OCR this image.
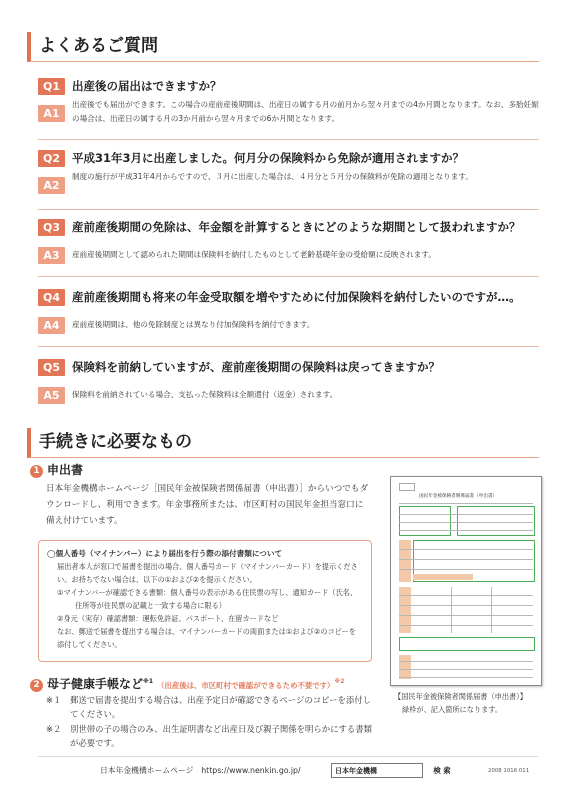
よくあるご質問
Q1	出産後の届出はできますか？
A1
出産後でも届出ができます。この場合の産前産後期間は、出産日の属する月の前月から翌々月までの4か月間となります。なお、多胎妊娠の場合は、出産日の属する月の3か月前から翌々月までの6か月間となります。
Q2	平成31年3月に出産しました。何月分の保険料から免除が適用されますか？
A2
制度の施行が平成31年4月からですので、３月に出産した場合は、４月分と５月分の保険料が免除の適用となります。
Q3	産前産後期間の免除は、年金額を計算するときにどのような期間として扱われますか？
A3	産前産後期間として認められた期間は保険料を納付したものとして老齢基礎年金の受給額に反映されます。
Q4	産前産後期間も将来の年金受取額を増やすために付加保険料を納付したいのですが…。
A4	産前産後期間は、他の免除制度とは異なり付加保険料を納付できます。
Q5	保険料を前納していますが、産前産後期間の保険料は戻ってきますか？
A5	保険料を前納されている場合、支払った保険料は全額還付（返金）されます。
手続きに必要なもの
1 申出書
日本年金機構ホームページ［国民年金被保険者関係届書（申出書）］からいつでもダウンロードし、利用できます。年金事務所または、市区町村の国民年金担当窓口に備え付けています。
◯個人番号（マイナンバー）により届出を行う際の添付書類について
届出者本人が窓口で届書を提出の場合、個人番号カード（マイナンバーカード）を提示ください。お持ちでない場合は、以下の①および②を提示ください。
①マイナンバーが確認できる書類：個人番号の表示がある住民票の写し、通知カード（氏名、
住所等が住民票の記載と一致する場合に限る）
②身元（実存）確認書類：運転免許証、パスポート、在留カードなど
なお、郵送で届書を提出する場合は、マイナンバーカードの両面または①および②のコピーを添付してください。
2 母子健康手帳など$^{※1}$ （出産後は、市区町村で確認ができるため不要です）$^{※2}$
※１	郵送で届書を提出する場合は、出産予定日が確認できるページのコピーを添付してください。
※２	別世帯の子の場合のみ、出生証明書など出産日及び親子関係を明らかにする書類が必要です。
国民年金被保険者関係届書（申出書）
【国民年金被保険者関係届書（申出書）】
緑枠が、記入箇所になります。
日本年金機構ホームページ　https://www.nenkin.go.jp/
日本年金機構	検 索	2008 1016 011
